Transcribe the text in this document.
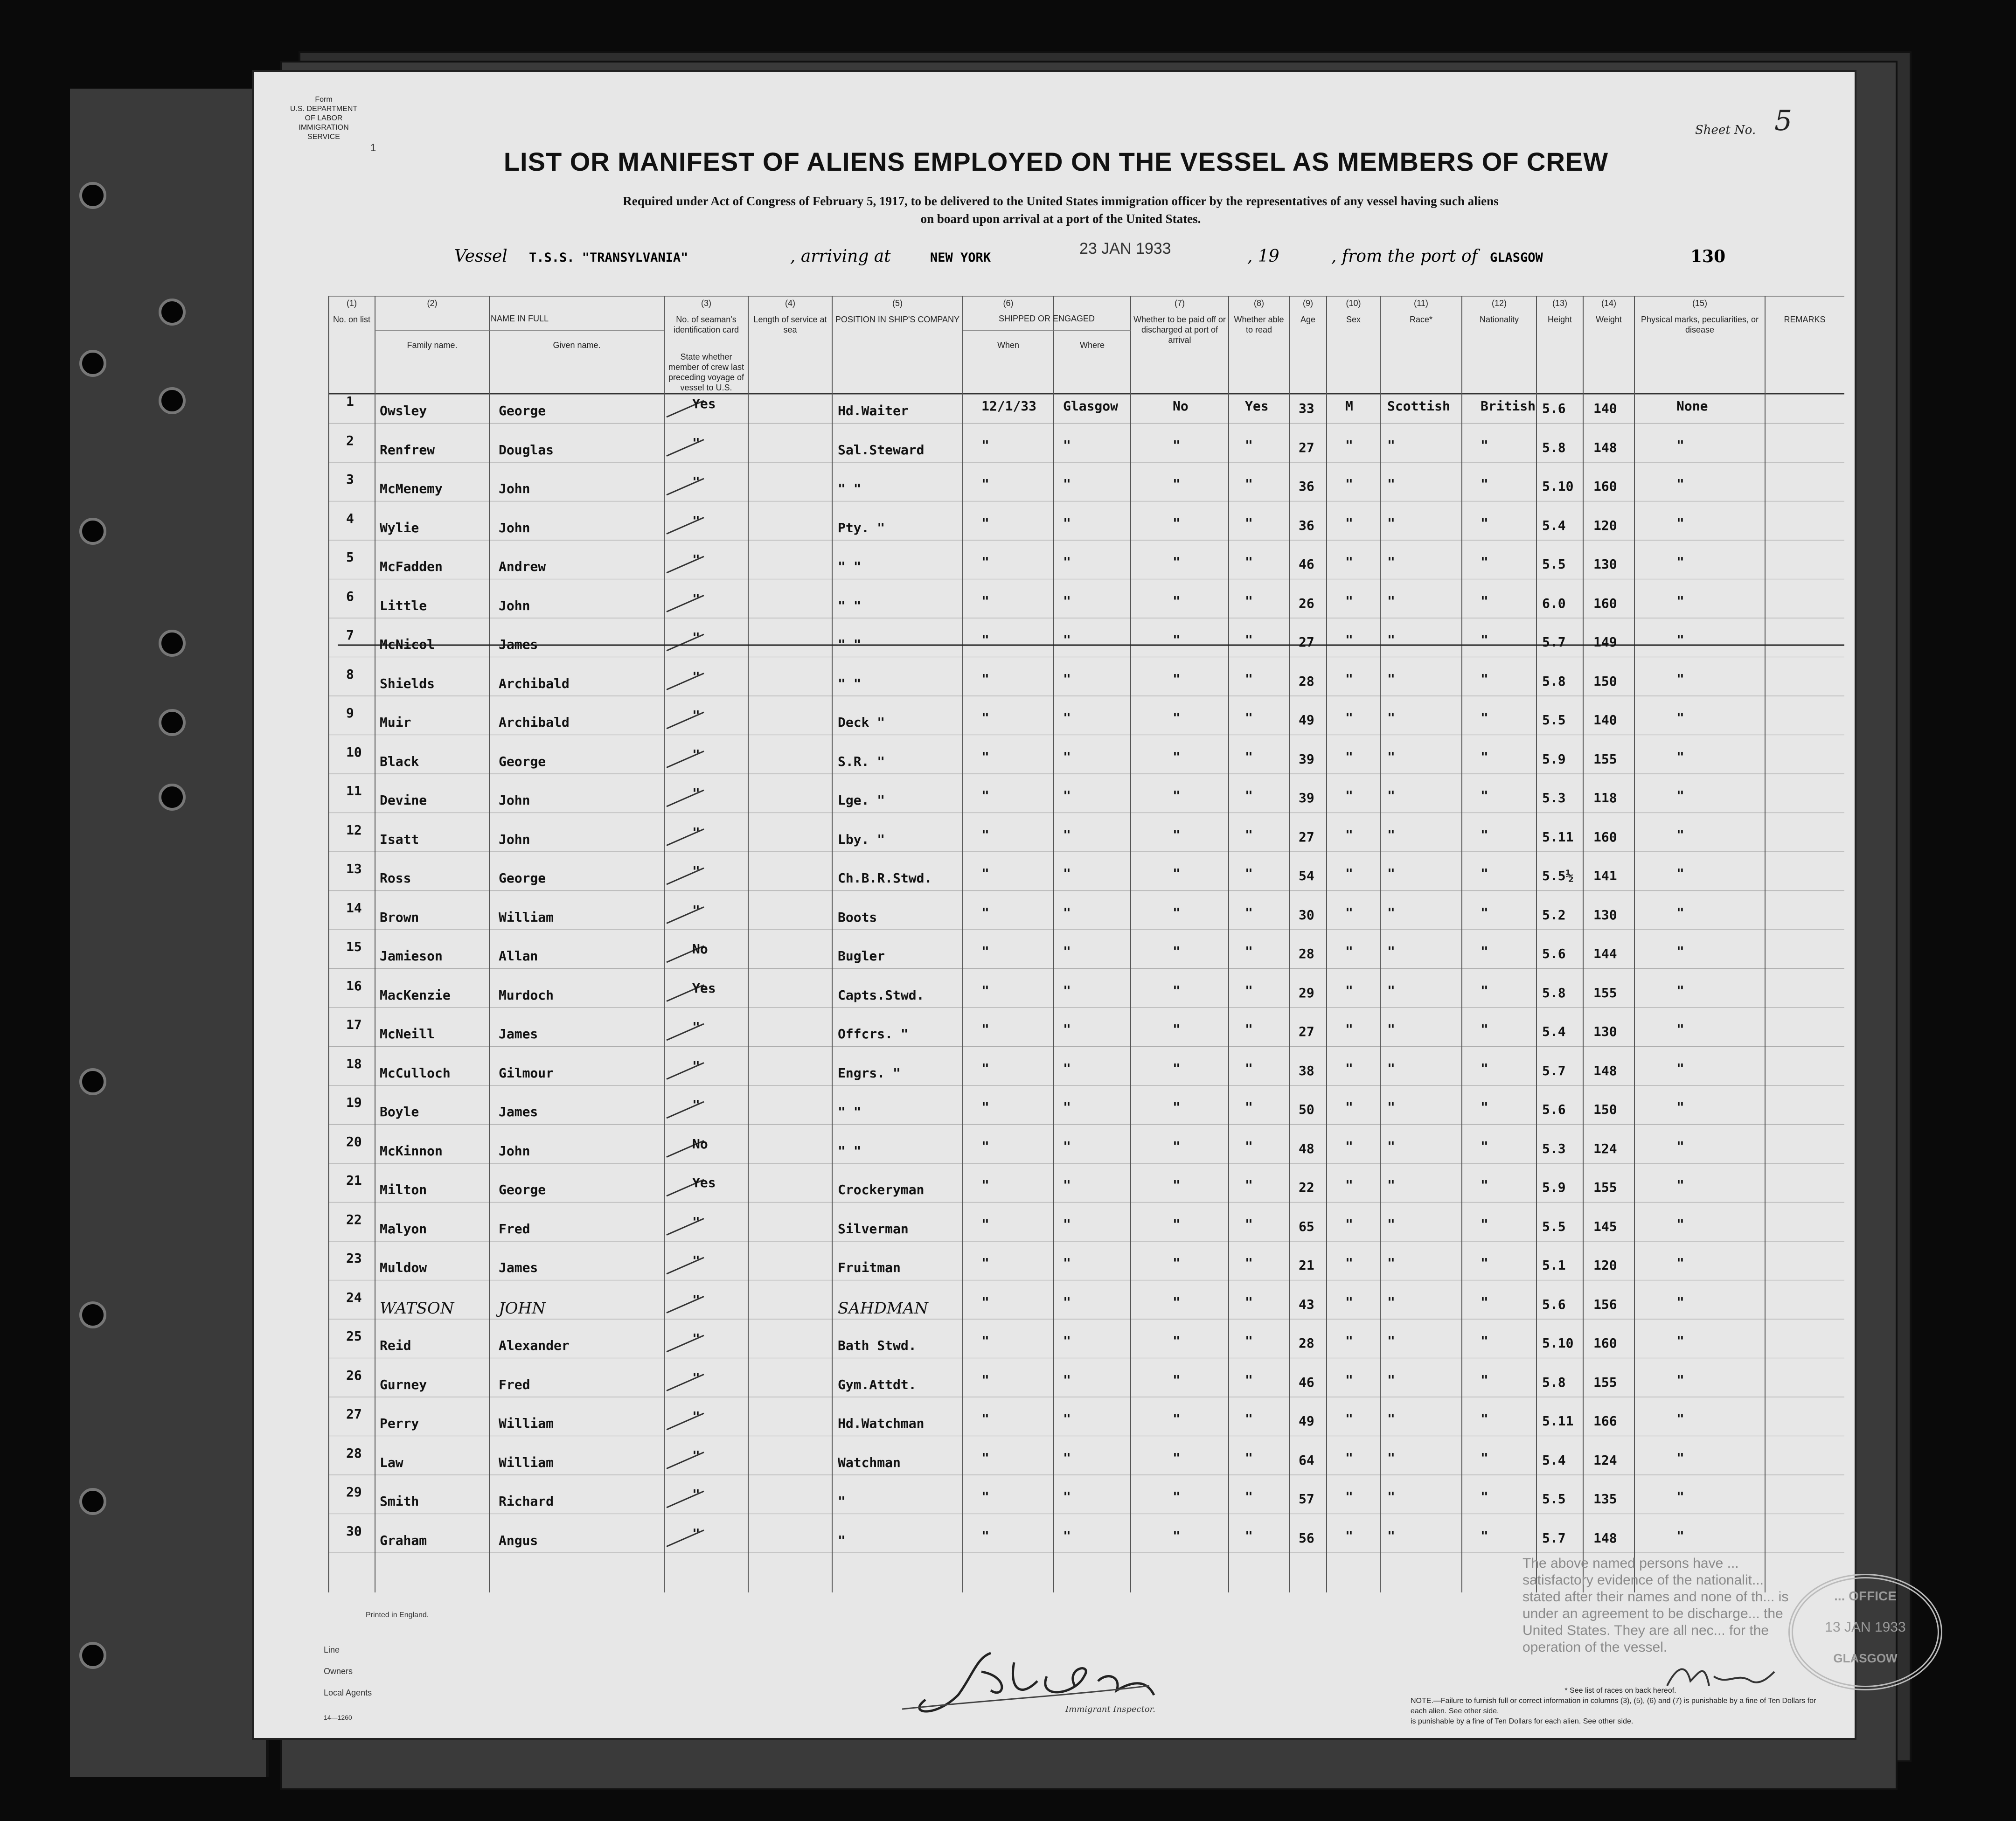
Form
U.S. DEPARTMENT OF LABOR
IMMIGRATION SERVICE
1
Sheet No. 5
LIST OR MANIFEST OF ALIENS EMPLOYED ON THE VESSEL AS MEMBERS OF CREW
Required under Act of Congress of February 5, 1917, to be delivered to the United States immigration officer by the representatives of any vessel having such aliens
on board upon arrival at a port of the United States.
Vessel T.S.S. "TRANSYLVANIA"	, arriving at	NEW YORK
23 JAN 1933	, 19	, from the port of GLASGOW	130
(1)
No. on list
(2)
Family name.	Given name.
(3)
No. of seaman's identification card
(4)
Length of service at sea
(5)
POSITION IN SHIP'S COMPANY
(6)
When	Where
(7)
Whether to be paid off or discharged at port of arrival
(8)
Whether able to read
(9)
Age
(10)
Sex
(11)
Race*
(12)
Nationality
(13)
Height
(14)
Weight
(15)
Physical marks, peculiarities, or disease
REMARKS
NAME IN FULL	SHIPPED OR ENGAGED
State whether member of crew last preceding voyage of vessel to U.S.
1
Owsley	George	Yes	Hd.Waiter	12/1/33 Glasgow	No	Yes 33 M	Scottish British 5.6 140	None
2
Renfrew	Douglas	"	Sal.Steward	"	"	"	"	27 "	"	"	5.8 148	"
3
McMenemy	John	"	" "	"	"	"	"	36 "	"	"	5.10 160	"
4
Wylie	John	"	Pty. "	"	"	"	"	36 "	"	"	5.4 120	"
5
McFadden	Andrew	"	" "	"	"	"	"	46 "	"	"	5.5 130	"
6
Little	John	"	" "	"	"	"	"	26 "	"	"	6.0 160	"
7
McNicol	James	"	" "	"	"	"	"	27 "	"	"	5.7 149	"
8
Shields	Archibald	"	" "	"	"	"	"	28 "	"	"	5.8 150	"
9
Muir	Archibald	"	Deck "	"	"	"	"	49 "	"	"	5.5 140	"
10
Black	George	"	S.R. "	"	"	"	"	39 "	"	"	5.9 155	"
11
Devine	John	"	Lge. "	"	"	"	"	39 "	"	"	5.3 118	"
12
Isatt	John	"	Lby. "	"	"	"	"	27 "	"	"	5.11 160	"
13
Ross	George	"	Ch.B.R.Stwd.	"	"	"	"	54 "	"	"	5.5½ 141	"
14
Brown	William	"	Boots	"	"	"	"	30 "	"	"	5.2 130	"
15
Jamieson	Allan	No	Bugler	"	"	"	"	28 "	"	"	5.6 144	"
16
MacKenzie	Murdoch	Yes	Capts.Stwd.	"	"	"	"	29 "	"	"	5.8 155	"
17
McNeill	James	"	Offcrs. "	"	"	"	"	27 "	"	"	5.4 130	"
18
McCulloch	Gilmour	"	Engrs. "	"	"	"	"	38 "	"	"	5.7 148	"
19
Boyle	James	"	" "	"	"	"	"	50 "	"	"	5.6 150	"
20
McKinnon	John	No	" "	"	"	"	"	48 "	"	"	5.3 124	"
21
Milton	George	Yes	Crockeryman	"	"	"	"	22 "	"	"	5.9 155	"
22
Malyon	Fred	"	Silverman	"	"	"	"	65 "	"	"	5.5 145	"
23
Muldow	James	"	Fruitman	"	"	"	"	21 "	"	"	5.1 120	"
24
WATSON	JOHN	"	SAHDMAN	"	"	"	"	43 "	"	"	5.6 156	"
25
Reid	Alexander	"	Bath Stwd.	"	"	"	"	28 "	"	"	5.10 160	"
26
Gurney	Fred	"	Gym.Attdt.	"	"	"	"	46 "	"	"	5.8 155	"
27
Perry	William	"	Hd.Watchman	"	"	"	"	49 "	"	"	5.11 166	"
28
Law	William	"	Watchman	"	"	"	"	64 "	"	"	5.4 124	"
29
Smith	Richard	"	"	"	"	"	"	57 "	"	"	5.5 135	"
30
Graham	Angus	"	"	"	"	"	"	56 "	"	"	5.7 148	"
Printed in England.
Line
Owners
Local Agents
14—1260
Immigrant Inspector.
* See list of races on back hereof.
NOTE.—Failure to furnish full or correct information in columns (3), (5), (6) and (7) is punishable by a fine of Ten Dollars for each alien. See other side.
is punishable by a fine of Ten Dollars for each alien. See other side.
The above named persons have ... satisfactory evidence of the nationalit... stated after their names and none of th... is under an agreement to be discharge... the United States. They are all nec... for the operation of the vessel.
... OFFICE
13 JAN 1933
GLASGOW
